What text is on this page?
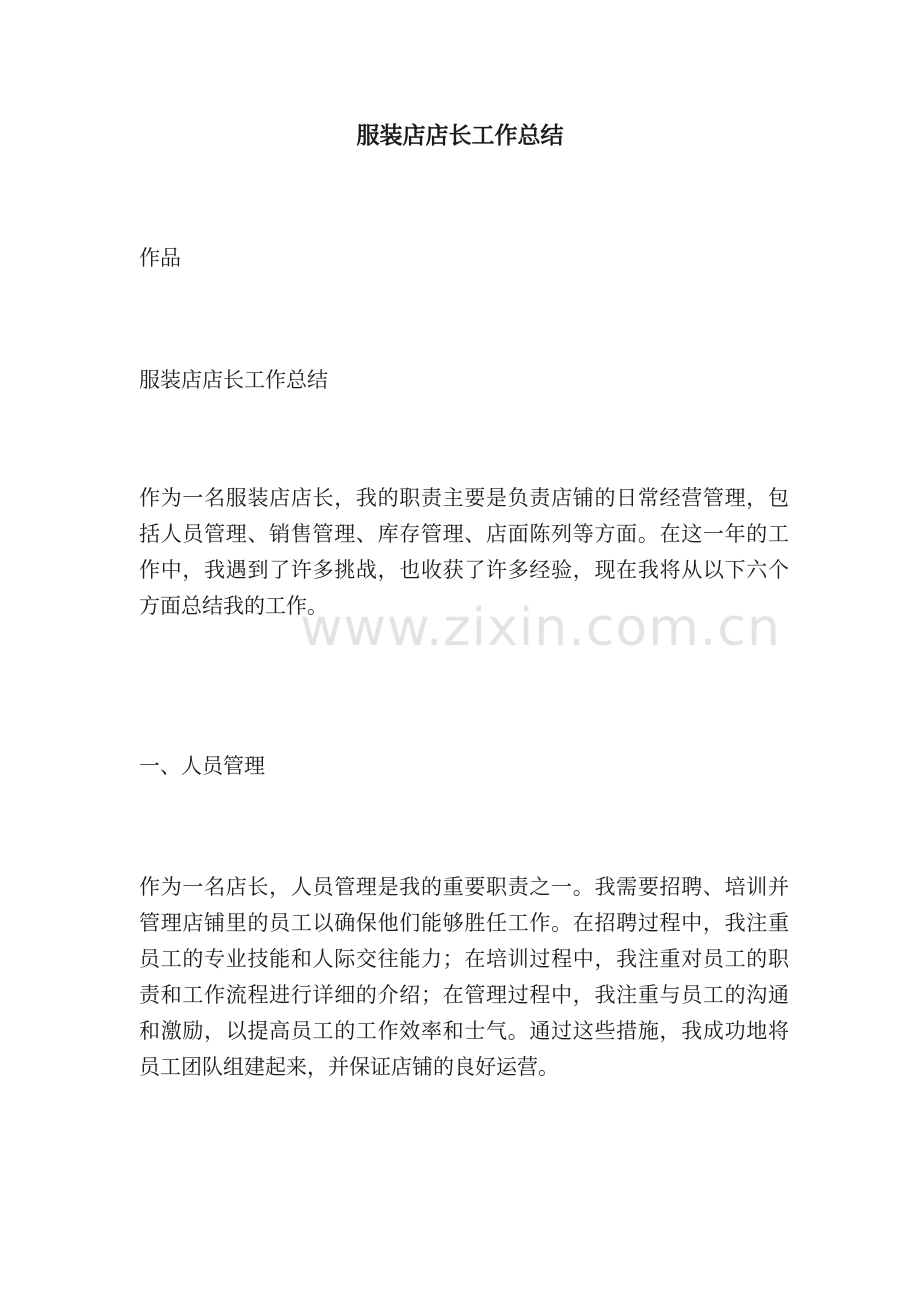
服装店店长工作总结

作品

服装店店长工作总结

作为一名服装店店长，我的职责主要是负责店铺的日常经营管理，包
括人员管理、销售管理、库存管理、店面陈列等方面。在这一年的工
作中，我遇到了许多挑战，也收获了许多经验，现在我将从以下六个
方面总结我的工作。

一、人员管理

作为一名店长，人员管理是我的重要职责之一。我需要招聘、培训并
管理店铺里的员工以确保他们能够胜任工作。在招聘过程中，我注重
员工的专业技能和人际交往能力；在培训过程中，我注重对员工的职
责和工作流程进行详细的介绍；在管理过程中，我注重与员工的沟通
和激励，以提高员工的工作效率和士气。通过这些措施，我成功地将
员工团队组建起来，并保证店铺的良好运营。
www.zixin.com.cn
